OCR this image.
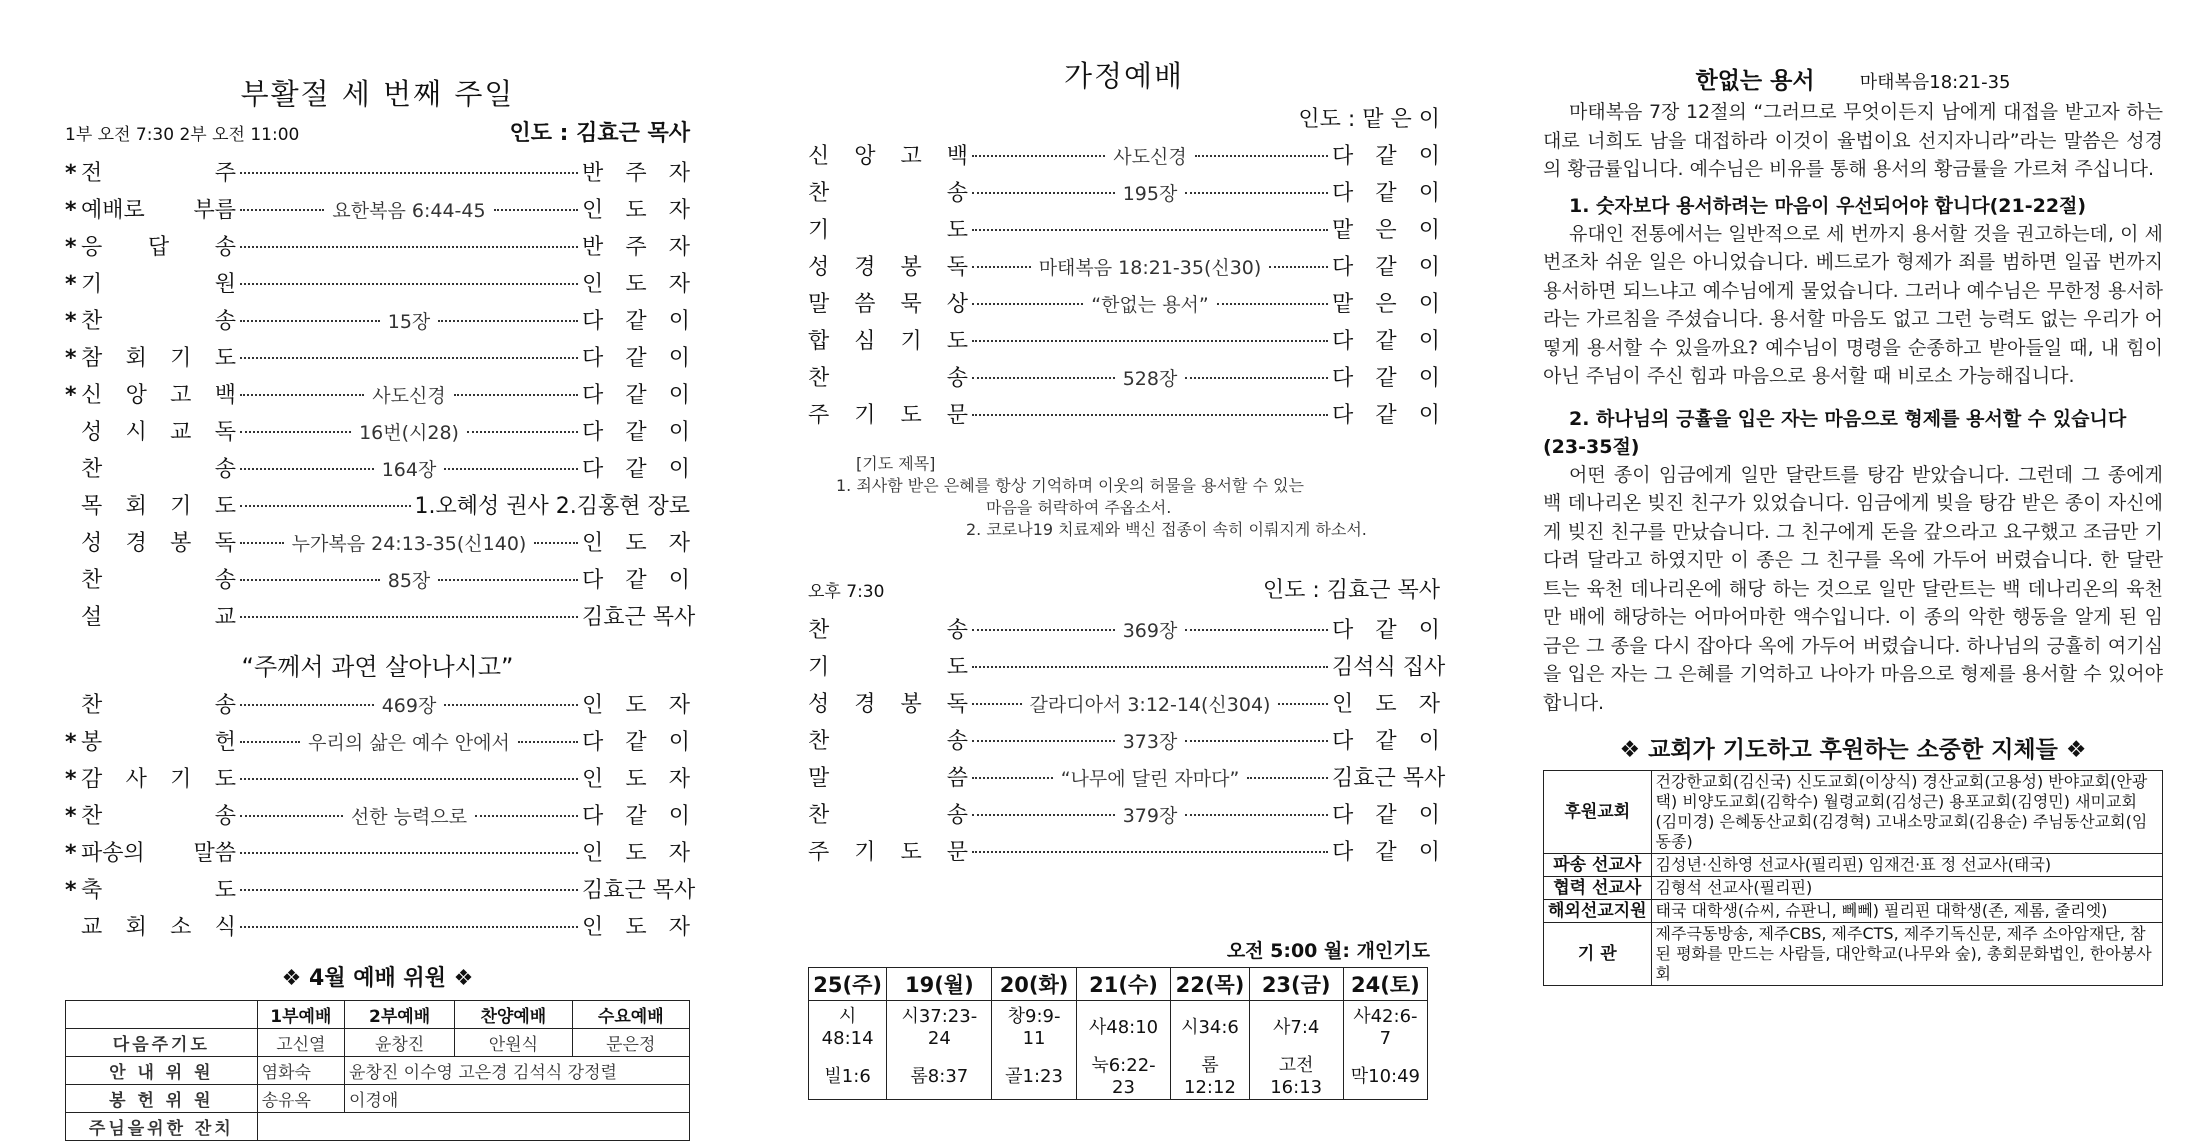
부활절 세 번째 주일
1부 오전 7:30 2부 오전 11:00	인도 : 김효근 목사
* 전	주	반 주 자
* 예배로 부름	요한복음 6:44-45	인 도 자
* 응 답 송	반 주 자
* 기	원	인 도 자
* 찬	송	15장	다 같 이
* 참 회 기 도	다 같 이
* 신 앙 고 백	사도신경	다 같 이
성 시 교 독	16번(시28)	다 같 이
찬	송	164장	다 같 이
목 회 기 도	1.오혜성 권사 2.김홍현 장로
성 경 봉 독	누가복음 24:13-35(신140)	인 도 자
찬	송	85장	다 같 이
설	교	김효근 목사
“주께서 과연 살아나시고”
찬	송	469장	인 도 자
* 봉	헌	우리의 삶은 예수 안에서	다 같 이
* 감 사 기 도	인 도 자
* 찬	송	선한 능력으로	다 같 이
* 파송의 말씀	인 도 자
* 축	도	김효근 목사
교 회 소 식	인 도 자
❖ 4월 예배 위원 ❖
	1부예배	2부예배	찬양예배	수요예배
다음주기도	고신열	윤창진	안원식	문은정
안 내 위 원	염화숙	윤창진 이수영 고은경 김석식 강정렬		
봉 헌 위 원	송유옥	이경애		
주님을위한 잔치				
가정예배
인도 : 맡 은 이
신 앙 고 백	사도신경	다 같 이
찬	송	195장	다 같 이
기	도	맡 은 이
성 경 봉 독	마태복음 18:21-35(신30)	다 같 이
말 씀 묵 상	“한없는 용서”	맡 은 이
합 심 기 도	다 같 이
찬	송	528장	다 같 이
주 기 도 문	다 같 이
[기도 제목]
1. 죄사함 받은 은혜를 항상 기억하며 이웃의 허물을 용서할 수 있는
마음을 허락하여 주옵소서.
2. 코로나19 치료제와 백신 접종이 속히 이뤄지게 하소서.
오후 7:30	인도 : 김효근 목사
찬	송	369장	다 같 이
기	도	김석식 집사
성 경 봉 독	갈라디아서 3:12-14(신304)	인 도 자
찬	송	373장	다 같 이
말	씀	“나무에 달린 자마다”	김효근 목사
찬	송	379장	다 같 이
주 기 도 문	다 같 이
오전 5:00 월: 개인기도
25(주)	19(월)	20(화)	21(수)	22(목)	23(금)	24(토)
시48:14	시37:23-24	창9:9-11	사48:10	시34:6	사7:4	사42:6-7
빌1:6	롬8:37	골1:23	눅6:22-23	롬12:12	고전16:13	막10:49
한없는 용서	마태복음18:21-35
마태복음 7장 12절의 “그러므로 무엇이든지 남에게 대접을 받고자 하는 대로 너희도 남을 대접하라 이것이 율법이요 선지자니라”라는 말씀은 성경의 황금률입니다. 예수님은 비유를 통해 용서의 황금률을 가르쳐 주십니다.
1. 숫자보다 용서하려는 마음이 우선되어야 합니다(21-22절)
유대인 전통에서는 일반적으로 세 번까지 용서할 것을 권고하는데, 이 세 번조차 쉬운 일은 아니었습니다. 베드로가 형제가 죄를 범하면 일곱 번까지 용서하면 되느냐고 예수님에게 물었습니다. 그러나 예수님은 무한정 용서하라는 가르침을 주셨습니다. 용서할 마음도 없고 그런 능력도 없는 우리가 어떻게 용서할 수 있을까요? 예수님이 명령을 순종하고 받아들일 때, 내 힘이 아닌 주님이 주신 힘과 마음으로 용서할 때 비로소 가능해집니다.
2. 하나님의 긍휼을 입은 자는 마음으로 형제를 용서할 수 있습니다(23-35절)
어떤 종이 임금에게 일만 달란트를 탕감 받았습니다. 그런데 그 종에게 백 데나리온 빚진 친구가 있었습니다. 임금에게 빚을 탕감 받은 종이 자신에게 빚진 친구를 만났습니다. 그 친구에게 돈을 갚으라고 요구했고 조금만 기다려 달라고 하였지만 이 종은 그 친구를 옥에 가두어 버렸습니다. 한 달란트는 육천 데나리온에 해당 하는 것으로 일만 달란트는 백 데나리온의 육천만 배에 해당하는 어마어마한 액수입니다. 이 종의 악한 행동을 알게 된 임금은 그 종을 다시 잡아다 옥에 가두어 버렸습니다. 하나님의 긍휼히 여기심을 입은 자는 그 은혜를 기억하고 나아가 마음으로 형제를 용서할 수 있어야 합니다.
❖ 교회가 기도하고 후원하는 소중한 지체들 ❖
후원교회	건강한교회(김신국) 신도교회(이상식) 경산교회(고용성) 반야교회(안광택) 비양도교회(김학수) 월령교회(김성근) 용포교회(김영민) 새미교회(김미경) 은혜동산교회(김경혁) 고내소망교회(김용순) 주님동산교회(임동종)
파송 선교사	김성년·신하영 선교사(필리핀) 임재건·표 정 선교사(태국)
협력 선교사	김형석 선교사(필리핀)
해외선교지원	태국 대학생(슈씨, 슈판니, 뻬뻬) 필리핀 대학생(존, 제롬, 줄리엣)
기 관	제주극동방송, 제주CBS, 제주CTS, 제주기독신문, 제주 소아암재단, 참된 평화를 만드는 사람들, 대안학교(나무와 숲), 총회문화법인, 한아봉사회
